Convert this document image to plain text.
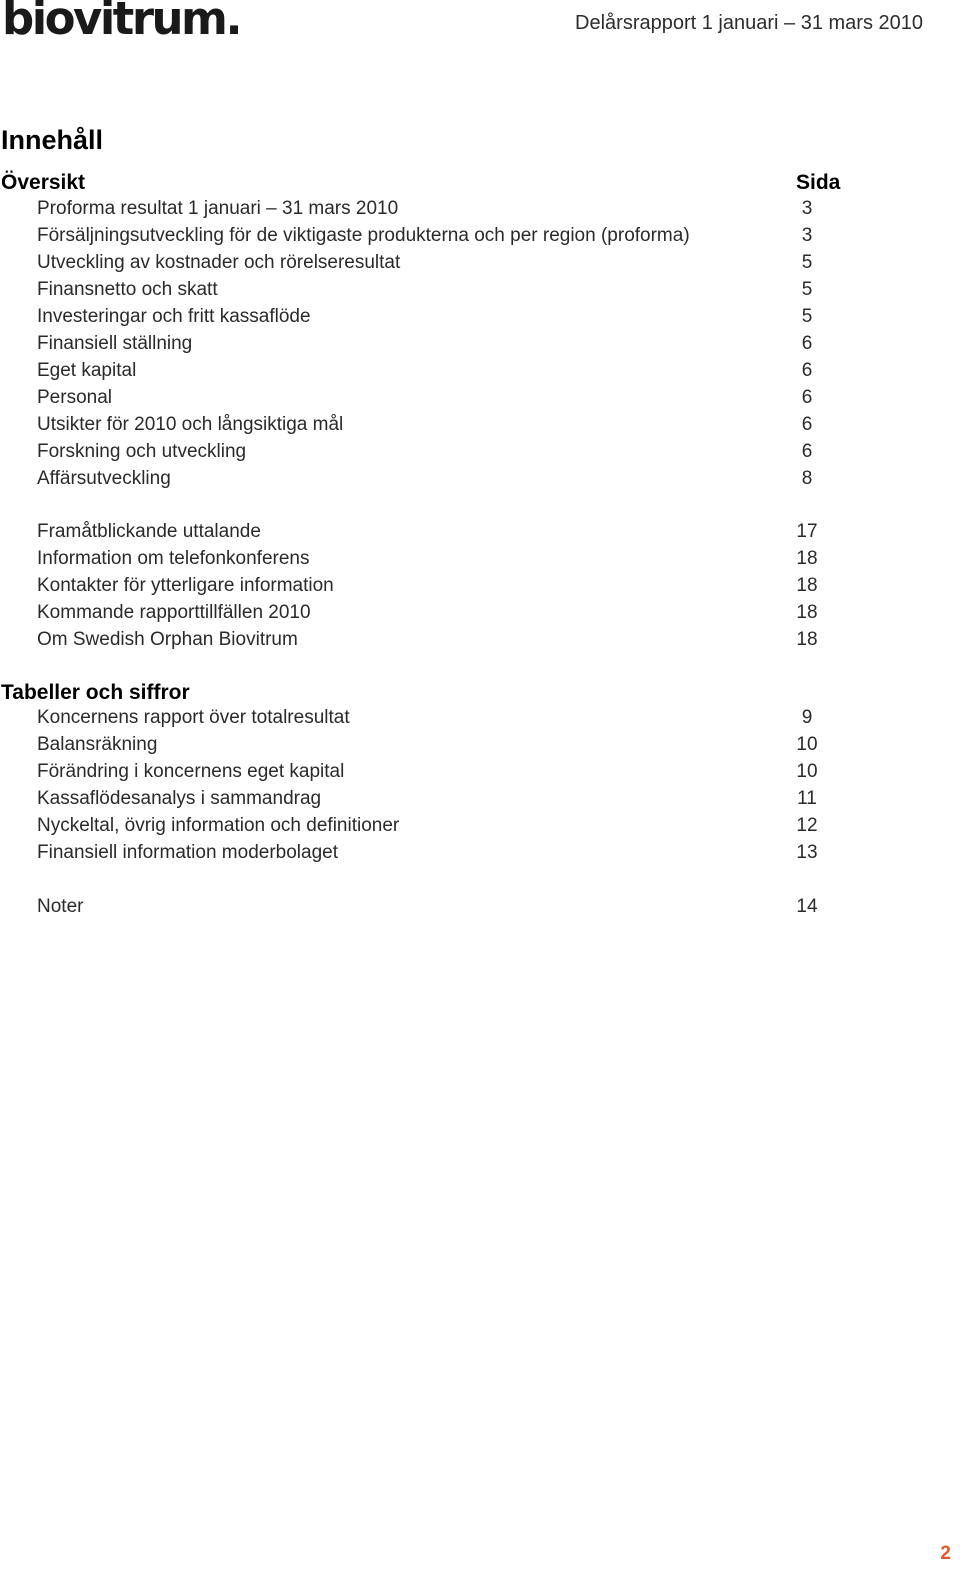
biovitrum.	Delårsrapport 1 januari – 31 mars 2010
Innehåll
Översikt	Sida
Proforma resultat 1 januari – 31 mars 2010	3
Försäljningsutveckling för de viktigaste produkterna och per region (proforma)	3
Utveckling av kostnader och rörelseresultat	5
Finansnetto och skatt	5
Investeringar och fritt kassaflöde	5
Finansiell ställning	6
Eget kapital	6
Personal	6
Utsikter för 2010 och långsiktiga mål	6
Forskning och utveckling	6
Affärsutveckling	8
Framåtblickande uttalande	17
Information om telefonkonferens	18
Kontakter för ytterligare information	18
Kommande rapporttillfällen 2010	18
Om Swedish Orphan Biovitrum	18
Tabeller och siffror
Koncernens rapport över totalresultat	9
Balansräkning	10
Förändring i koncernens eget kapital	10
Kassaflödesanalys i sammandrag	11
Nyckeltal, övrig information och definitioner	12
Finansiell information moderbolaget	13
Noter	14
2
